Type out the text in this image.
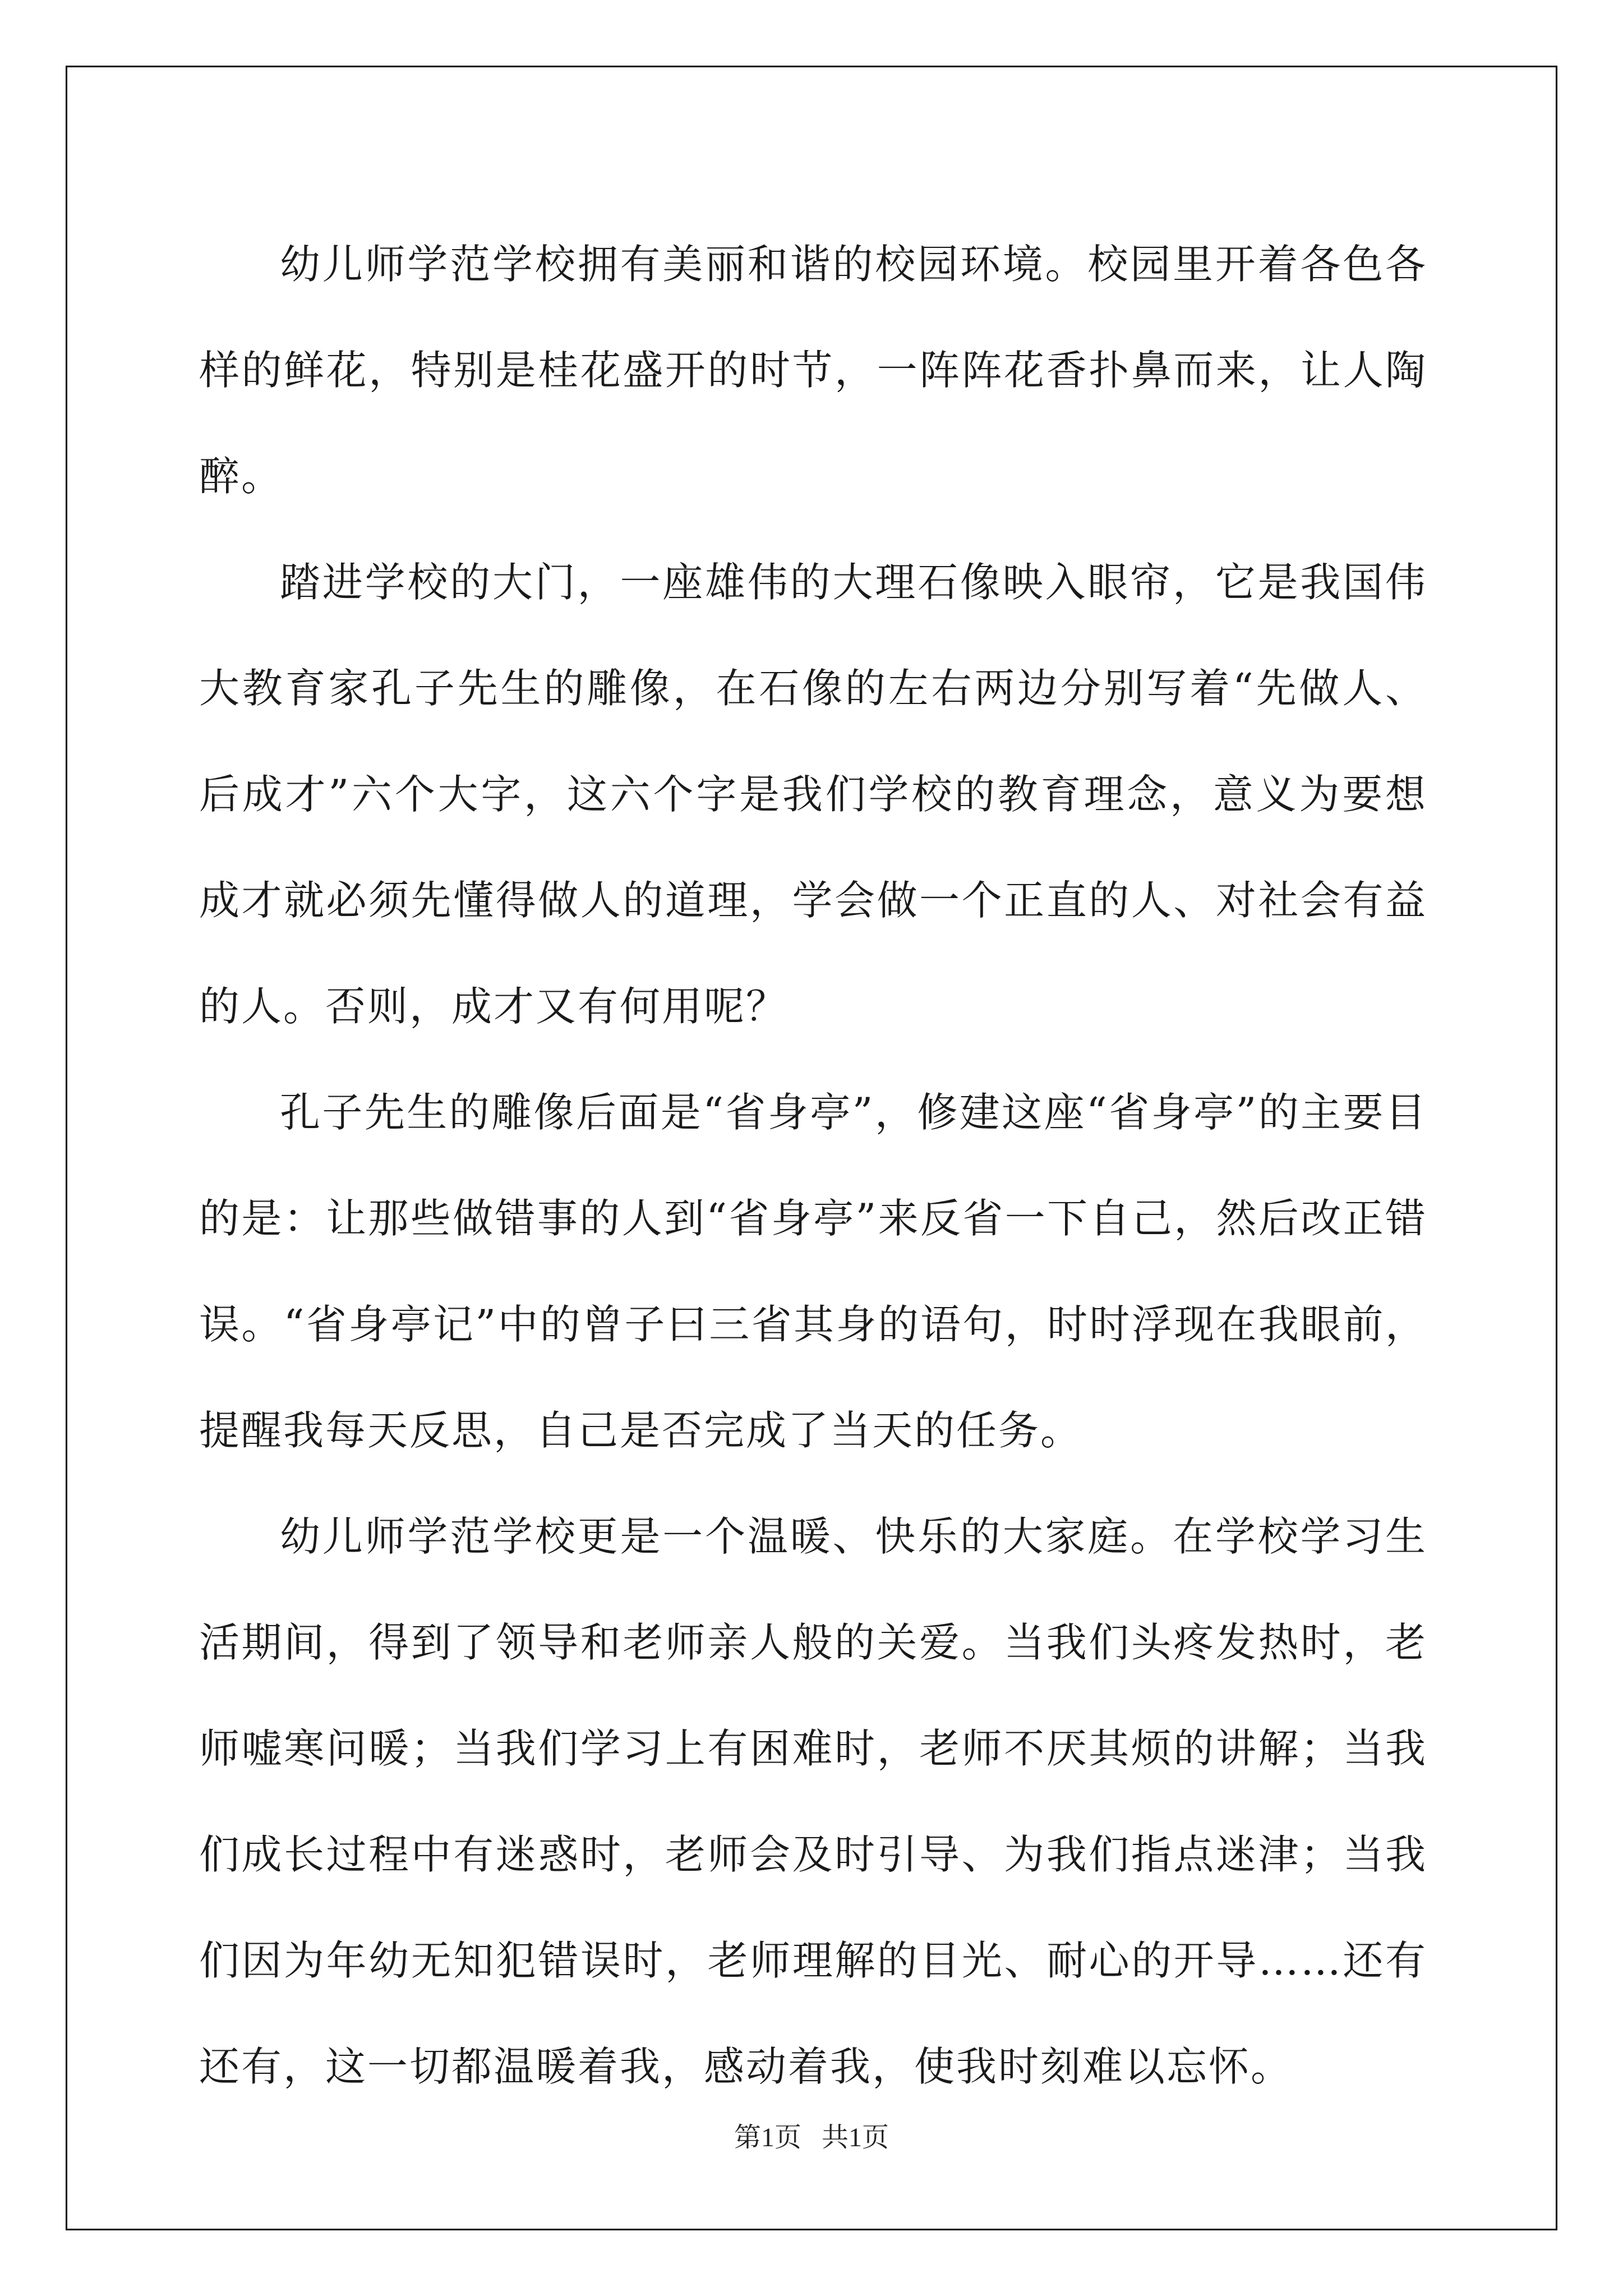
幼儿师学范学校拥有美丽和谐的校园环境。校园里开着各色各样的鲜花，特别是桂花盛开的时节，一阵阵花香扑鼻而来，让人陶醉。

踏进学校的大门，一座雄伟的大理石像映入眼帘，它是我国伟大教育家孔子先生的雕像，在石像的左右两边分别写着“先做人、后成才”六个大字，这六个字是我们学校的教育理念，意义为要想成才就必须先懂得做人的道理，学会做一个正直的人、对社会有益的人。否则，成才又有何用呢？

孔子先生的雕像后面是“省身亭”，修建这座“省身亭”的主要目的是：让那些做错事的人到“省身亭”来反省一下自己，然后改正错误。“省身亭记”中的曾子曰三省其身的语句，时时浮现在我眼前，提醒我每天反思，自己是否完成了当天的任务。

幼儿师学范学校更是一个温暖、快乐的大家庭。在学校学习生活期间，得到了领导和老师亲人般的关爱。当我们头疼发热时，老师嘘寒问暖；当我们学习上有困难时，老师不厌其烦的讲解；当我们成长过程中有迷惑时，老师会及时引导、为我们指点迷津；当我们因为年幼无知犯错误时，老师理解的目光、耐心的开导……还有还有，这一切都温暖着我，感动着我，使我时刻难以忘怀。

第1页   共1页
